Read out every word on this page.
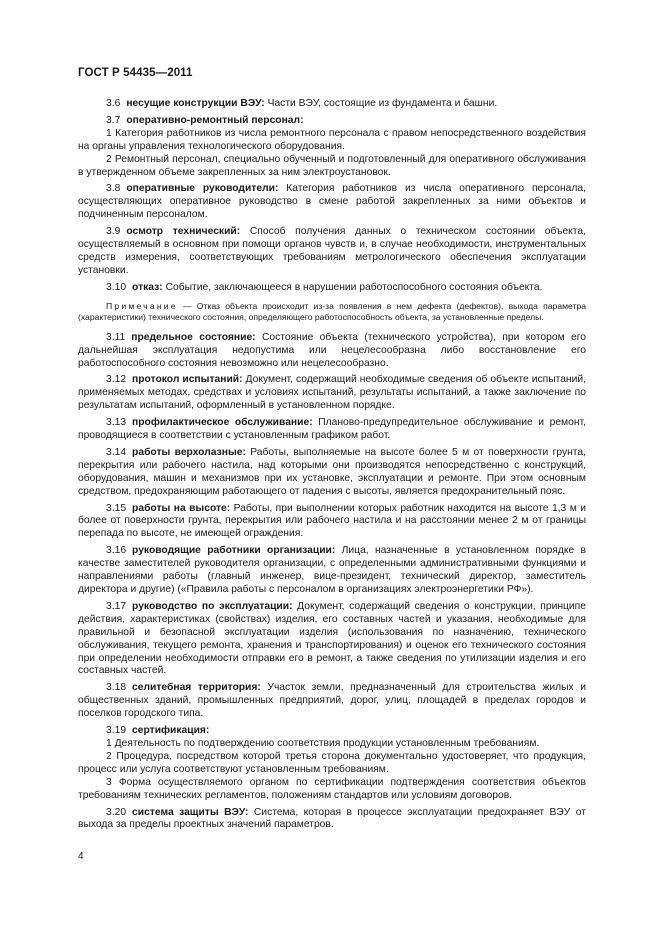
ГОСТ Р 54435—2011

3.6 несущие конструкции ВЭУ: Части ВЭУ, состоящие из фундамента и башни.

3.7 оперативно-ремонтный персонал:

1 Категория работников из числа ремонтного персонала с правом непосредственного воздействия на органы управления технологического оборудования.

2 Ремонтный персонал, специально обученный и подготовленный для оперативного обслуживания в утвержденном объеме закрепленных за ним электроустановок.

3.8 оперативные руководители: Категория работников из числа оперативного персонала, осуществляющих оперативное руководство в смене работой закрепленных за ними объектов и подчиненным персоналом.

3.9 осмотр технический: Способ получения данных о техническом состоянии объекта, осуществляемый в основном при помощи органов чувств и, в случае необходимости, инструментальных средств измерения, соответствующих требованиям метрологического обеспечения эксплуатации установки.

3.10 отказ: Событие, заключающееся в нарушении работоспособного состояния объекта.

Примечание — Отказ объекта происходит из-за появления в нем дефекта (дефектов), выхода параметра (характеристики) технического состояния, определяющего работоспособность объекта, за установленные пределы.

3.11 предельное состояние: Состояние объекта (технического устройства), при котором его дальнейшая эксплуатация недопустима или нецелесообразна либо восстановление его работоспособного состояния невозможно или нецелесообразно.

3.12 протокол испытаний: Документ, содержащий необходимые сведения об объекте испытаний, применяемых методах, средствах и условиях испытаний, результаты испытаний, а также заключение по результатам испытаний, оформленный в установленном порядке.

3.13 профилактическое обслуживание: Планово-предупредительное обслуживание и ремонт, проводящиеся в соответствии с установленным графиком работ.

3.14 работы верхолазные: Работы, выполняемые на высоте более 5 м от поверхности грунта, перекрытия или рабочего настила, над которыми они производятся непосредственно с конструкций, оборудования, машин и механизмов при их установке, эксплуатации и ремонте. При этом основным средством, предохраняющим работающего от падения с высоты, является предохранительный пояс.

3.15 работы на высоте: Работы, при выполнении которых работник находится на высоте 1,3 м и более от поверхности грунта, перекрытия или рабочего настила и на расстоянии менее 2 м от границы перепада по высоте, не имеющей ограждения.

3.16 руководящие работники организации: Лица, назначенные в установленном порядке в качестве заместителей руководителя организации, с определенными административными функциями и направлениями работы (главный инженер, вице-президент, технический директор, заместитель директора и другие) («Правила работы с персоналом в организациях электроэнергетики РФ»).

3.17 руководство по эксплуатации: Документ, содержащий сведения о конструкции, принципе действия, характеристиках (свойствах) изделия, его составных частей и указания, необходимые для правильной и безопасной эксплуатации изделия (использования по назначению, технического обслуживания, текущего ремонта, хранения и транспортирования) и оценок его технического состояния при определении необходимости отправки его в ремонт, а также сведения по утилизации изделия и его составных частей.

3.18 селитебная территория: Участок земли, предназначенный для строительства жилых и общественных зданий, промышленных предприятий, дорог, улиц, площадей в пределах городов и поселков городского типа.

3.19 сертификация:

1 Деятельность по подтверждению соответствия продукции установленным требованиям.

2 Процедура, посредством которой третья сторона документально удостоверяет, что продукция, процесс или услуга соответствуют установленным требованиям.

3 Форма осуществляемого органом по сертификации подтверждения соответствия объектов требованиям технических регламентов, положениям стандартов или условиям договоров.

3.20 система защиты ВЭУ: Система, которая в процессе эксплуатации предохраняет ВЭУ от выхода за пределы проектных значений параметров.

4
